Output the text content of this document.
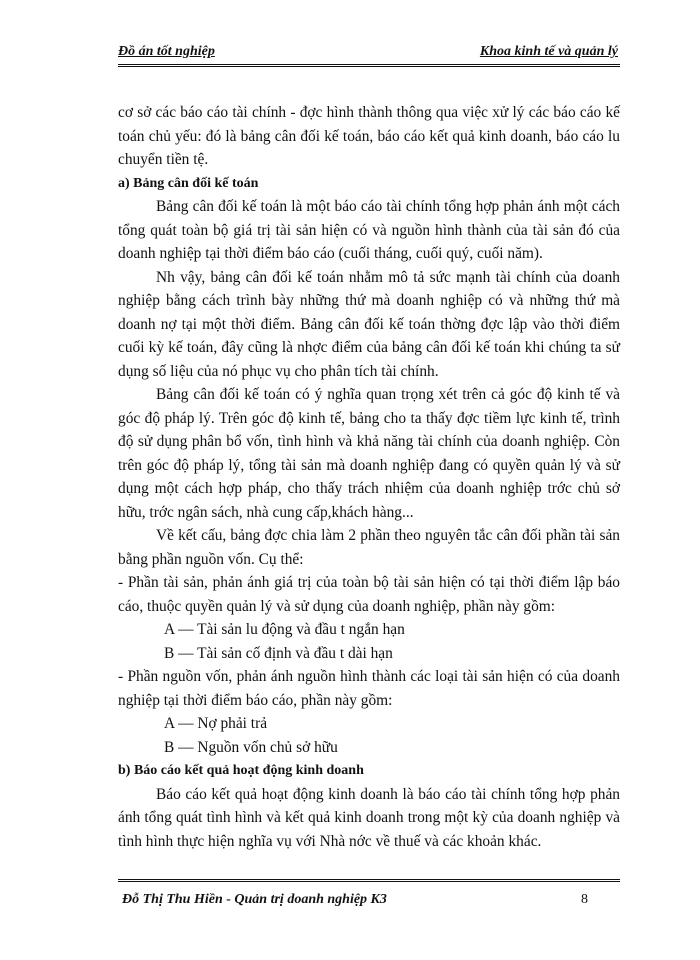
Đồ án tốt nghiệp	Khoa kinh tế và quản lý

cơ sở các báo cáo tài chính - đợc hình thành thông qua việc xử lý các báo cáo kế toán chủ yếu: đó là bảng cân đối kế toán, báo cáo kết quả kinh doanh, báo cáo lu chuyển tiền tệ.

a) Bảng cân đối kế toán

Bảng cân đối kế toán là một báo cáo tài chính tổng hợp phản ánh một cách tổng quát toàn bộ giá trị tài sản hiện có và nguồn hình thành của tài sản đó của doanh nghiệp tại thời điểm báo cáo (cuối tháng, cuối quý, cuối năm).

Nh vậy, bảng cân đối kế toán nhằm mô tả sức mạnh tài chính của doanh nghiệp bằng cách trình bày những thứ mà doanh nghiệp có và những thứ mà doanh nợ tại một thời điểm. Bảng cân đối kế toán thờng đợc lập vào thời điểm cuối kỳ kế toán, đây cũng là nhợc điểm của bảng cân đối kế toán khi chúng ta sử dụng số liệu của nó phục vụ cho phân tích tài chính.

Bảng cân đối kế toán có ý nghĩa quan trọng xét trên cả góc độ kinh tế và góc độ pháp lý. Trên góc độ kinh tế, bảng cho ta thấy đợc tiềm lực kinh tế, trình độ sử dụng phân bổ vốn, tình hình và khả năng tài chính của doanh nghiệp. Còn trên góc độ pháp lý, tổng tài sản mà doanh nghiệp đang có quyền quản lý và sử dụng một cách hợp pháp, cho thấy trách nhiệm của doanh nghiệp trớc chủ sở hữu, trớc ngân sách, nhà cung cấp,khách hàng...

Về kết cấu, bảng đợc chia làm 2 phần theo nguyên tắc cân đối phần tài sản bằng phần nguồn vốn. Cụ thể:

- Phần tài sản, phản ánh giá trị của toàn bộ tài sản hiện có tại thời điểm lập báo cáo, thuộc quyền quản lý và sử dụng của doanh nghiệp, phần này gồm:

A — Tài sản lu động và đầu t ngắn hạn

B — Tài sản cố định và đầu t dài hạn

- Phần nguồn vốn, phản ánh nguồn hình thành các loại tài sản hiện có của doanh nghiệp tại thời điểm báo cáo, phần này gồm:

A — Nợ phải trả

B — Nguồn vốn chủ sở hữu

b) Báo cáo kết quả hoạt động kinh doanh

Báo cáo kết quả hoạt động kinh doanh là báo cáo tài chính tổng hợp phản ánh tổng quát tình hình và kết quả kinh doanh trong một kỳ của doanh nghiệp và tình hình thực hiện nghĩa vụ với Nhà nớc về thuế và các khoản khác.

Đỗ Thị Thu Hiền - Quản trị doanh nghiệp K3	8
